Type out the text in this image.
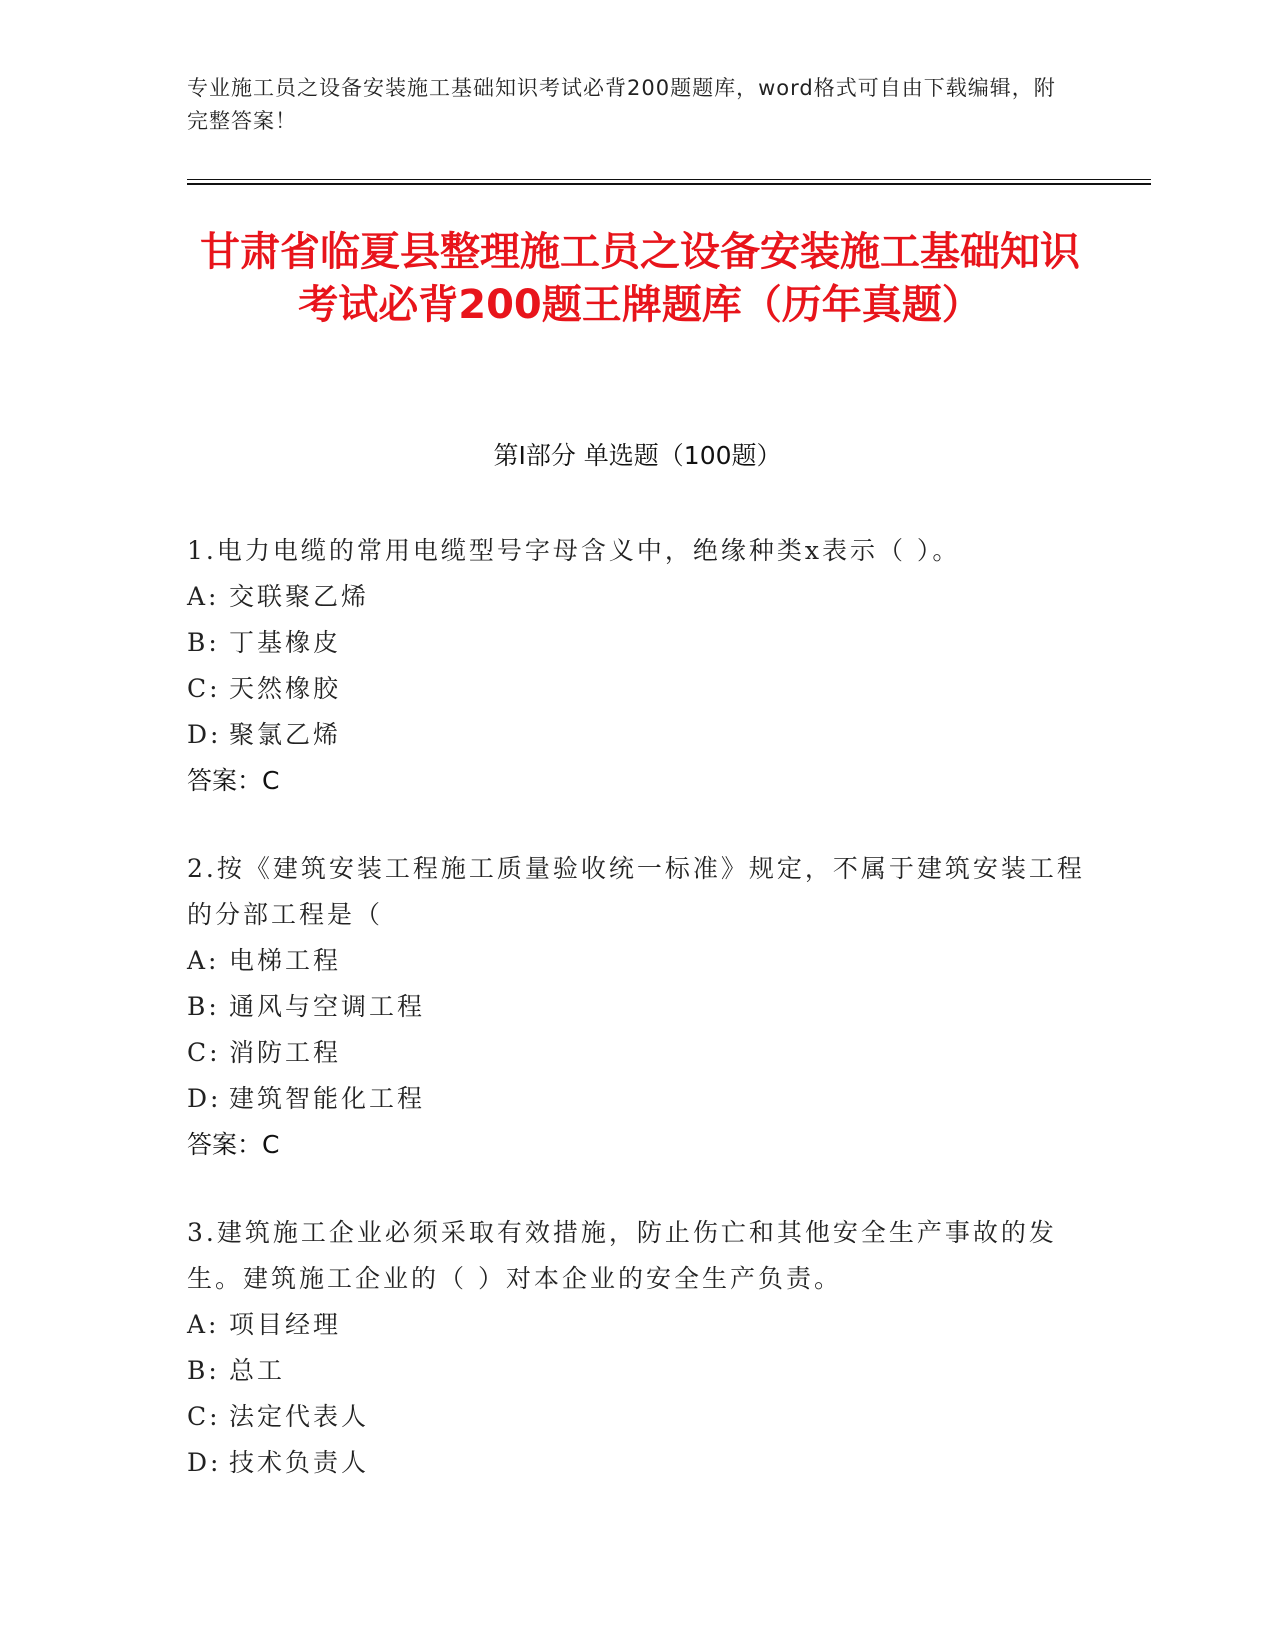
专业施工员之设备安装施工基础知识考试必背200题题库，word格式可自由下载编辑，附完整答案！
甘肃省临夏县整理施工员之设备安装施工基础知识考试必背200题王牌题库（历年真题）
第I部分 单选题（100题）
1.电力电缆的常用电缆型号字母含义中，绝缘种类x表示（ ）。
A: 交联聚乙烯
B: 丁基橡皮
C: 天然橡胶
D: 聚氯乙烯
答案：C
2.按《建筑安装工程施工质量验收统一标准》规定，不属于建筑安装工程的分部工程是（
A: 电梯工程
B: 通风与空调工程
C: 消防工程
D: 建筑智能化工程
答案：C
3.建筑施工企业必须采取有效措施，防止伤亡和其他安全生产事故的发生。建筑施工企业的（ ）对本企业的安全生产负责。
A: 项目经理
B: 总工
C: 法定代表人
D: 技术负责人
